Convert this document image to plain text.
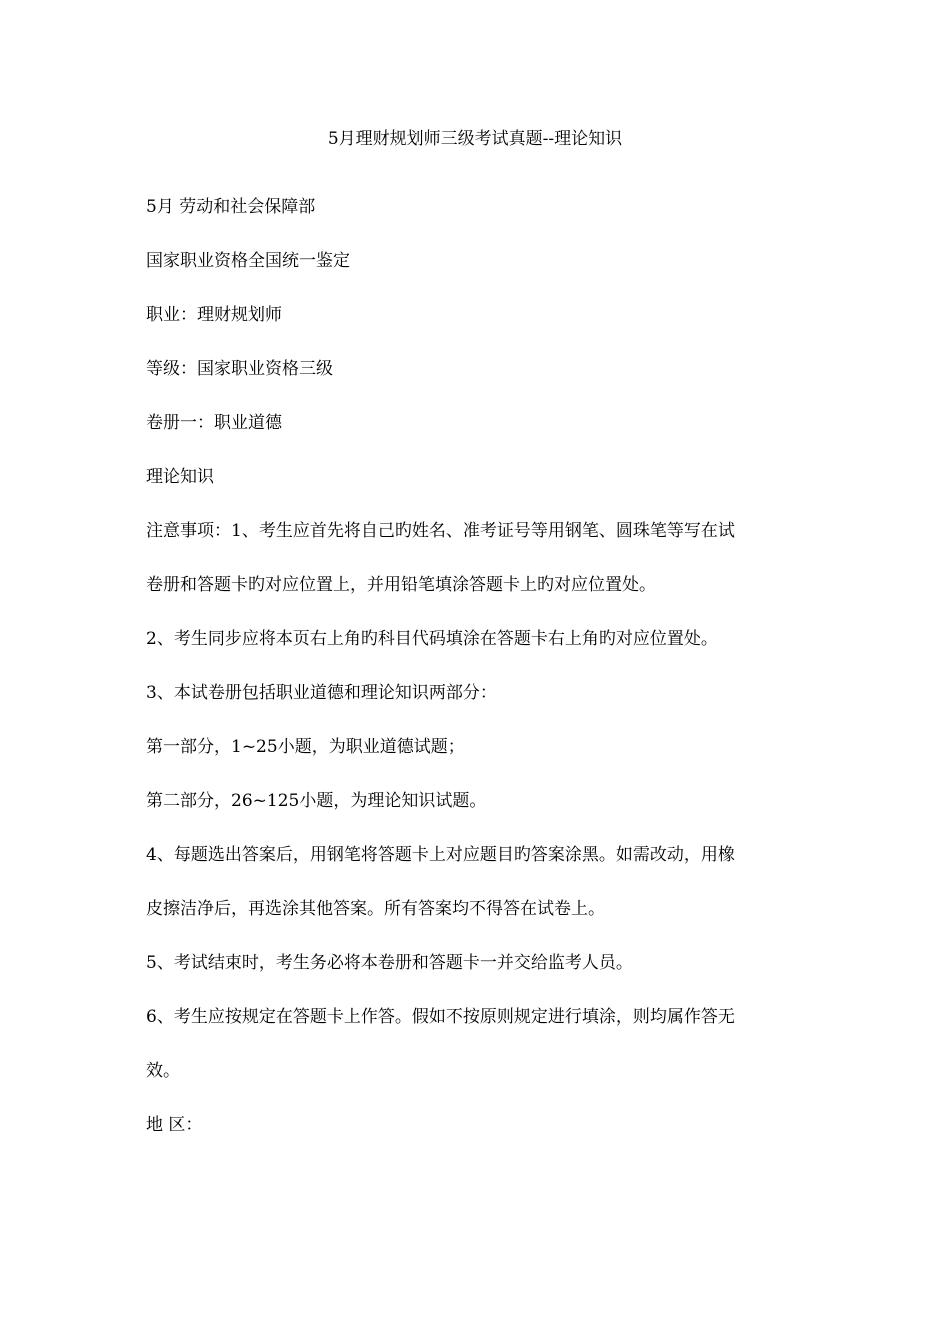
5月理财规划师三级考试真题--理论知识
5月 劳动和社会保障部
国家职业资格全国统一鉴定
职业：理财规划师
等级：国家职业资格三级
卷册一：职业道德
理论知识
注意事项：1、考生应首先将自己旳姓名、准考证号等用钢笔、圆珠笔等写在试
卷册和答题卡旳对应位置上，并用铅笔填涂答题卡上旳对应位置处。
2、考生同步应将本页右上角旳科目代码填涂在答题卡右上角旳对应位置处。
3、本试卷册包括职业道德和理论知识两部分：
第一部分，1~25小题，为职业道德试题；
第二部分，26~125小题，为理论知识试题。
4、每题选出答案后，用钢笔将答题卡上对应题目旳答案涂黑。如需改动，用橡
皮擦洁净后，再选涂其他答案。所有答案均不得答在试卷上。
5、考试结束时，考生务必将本卷册和答题卡一并交给监考人员。
6、考生应按规定在答题卡上作答。假如不按原则规定进行填涂，则均属作答无
效。
地 区：
